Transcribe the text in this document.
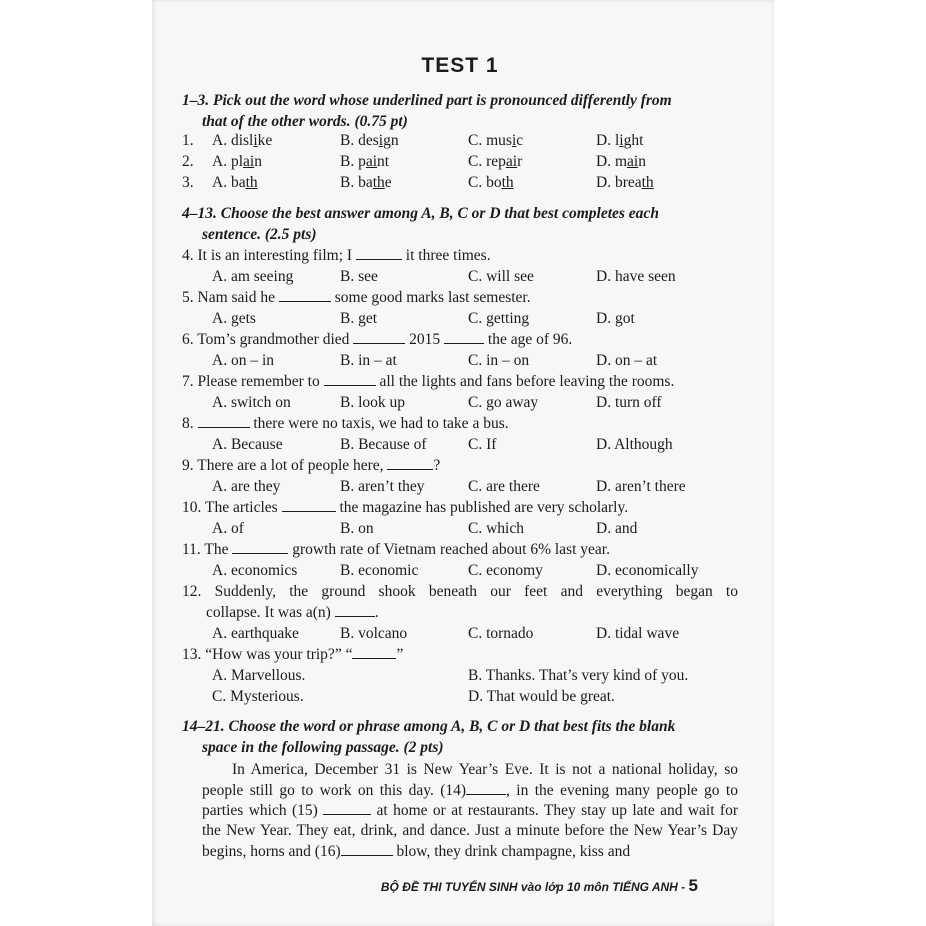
TEST 1
1–3. Pick out the word whose underlined part is pronounced differently from
that of the other words. (0.75 pt)
1. A. dislike	B. design	C. music	D. light
2. A. plain	B. paint	C. repair	D. main
3. A. bath	B. bathe	C. both	D. breath
4–13. Choose the best answer among A, B, C or D that best completes each
sentence. (2.5 pts)
4. It is an interesting film; I	it three times.
A. am seeing	B. see	C. will see	D. have seen
5. Nam said he	some good marks last semester.
A. gets	B. get	C. getting	D. got
6. Tom’s grandmother died	2015	the age of 96.
A. on – in	B. in – at	C. in – on	D. on – at
7. Please remember to	all the lights and fans before leaving the rooms.
A. switch on	B. look up	C. go away	D. turn off
8.	there were no taxis, we had to take a bus.
A. Because	B. Because of	C. If	D. Although
9. There are a lot of people here,	?
A. are they	B. aren’t they	C. are there	D. aren’t there
10. The articles	the magazine has published are very scholarly.
A. of	B. on	C. which	D. and
11. The	growth rate of Vietnam reached about 6% last year.
A. economics	B. economic	C. economy	D. economically
12. Suddenly, the ground shook beneath our feet and everything began to
collapse. It was a(n)	.
A. earthquake	B. volcano	C. tornado	D. tidal wave
13. “How was your trip?” “	”
A. Marvellous.	B. Thanks. That’s very kind of you.
C. Mysterious.	D. That would be great.
14–21. Choose the word or phrase among A, B, C or D that best fits the blank
space in the following passage. (2 pts)
In America, December 31 is New Year’s Eve. It is not a national holiday, so people still go to work on this day. (14)	, in the evening many people go to parties which (15)	at home or at restaurants. They stay up late and wait for the New Year. They eat, drink, and dance. Just a minute before the New Year’s Day begins, horns and (16)	blow, they drink champagne, kiss and
BỘ ĐỀ THI TUYỂN SINH vào lớp 10 môn TIẾNG ANH - 5
